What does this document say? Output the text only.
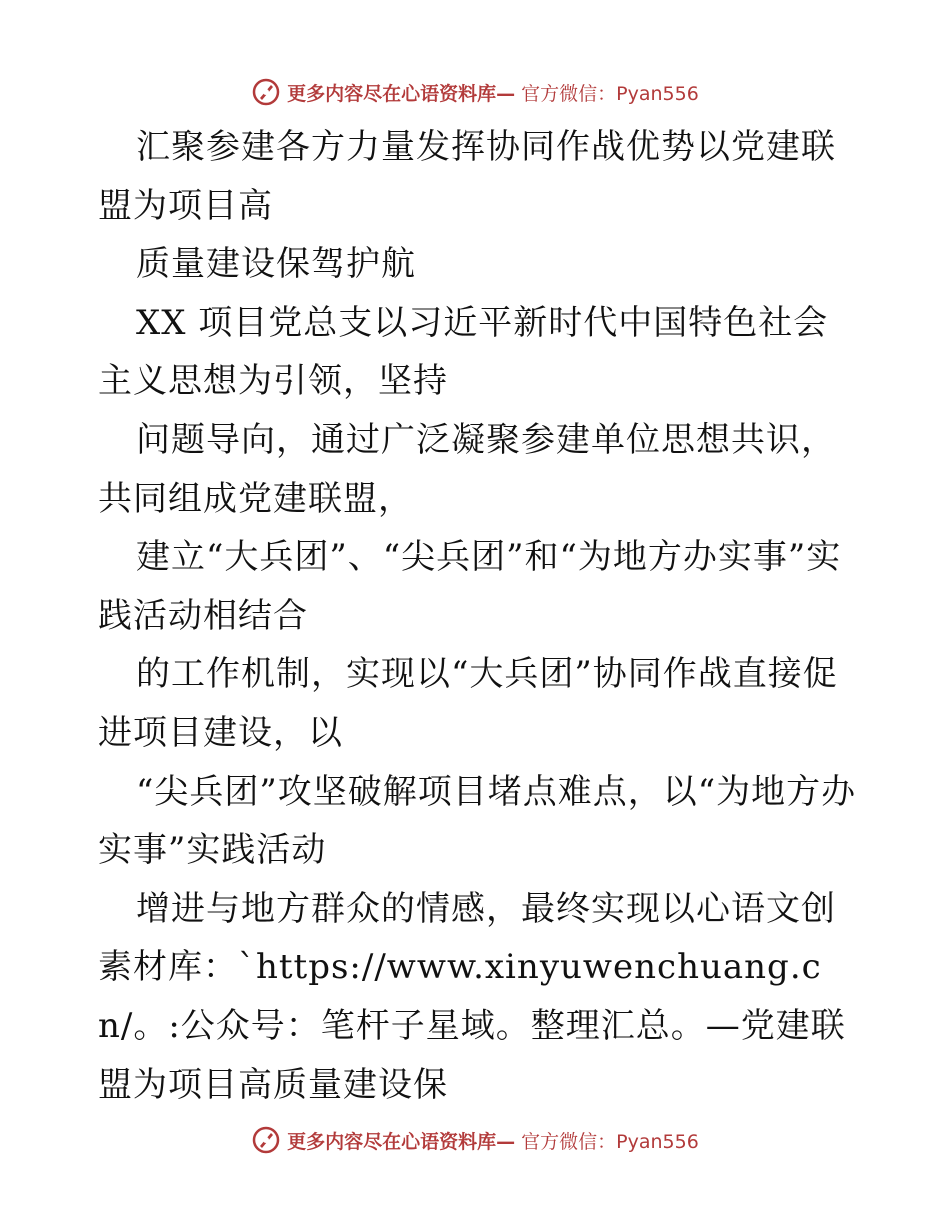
更多内容尽在心语资料库— 官方微信：Pyan556

汇聚参建各方力量发挥协同作战优势以党建联盟为项目高

质量建设保驾护航

XX 项目党总支以习近平新时代中国特色社会主义思想为引领，坚持

问题导向，通过广泛凝聚参建单位思想共识，共同组成党建联盟，

建立“大兵团”、“尖兵团”和“为地方办实事”实践活动相结合

的工作机制，实现以“大兵团”协同作战直接促进项目建设，以

“尖兵团”攻坚破解项目堵点难点，以“为地方办实事”实践活动

增进与地方群众的情感，最终实现以心语文创素材库：`https://www.xinyuwenchuang.cn/。:公众号：笔杆子星域。整理汇总。—党建联盟为项目高质量建设保

更多内容尽在心语资料库— 官方微信：Pyan556
